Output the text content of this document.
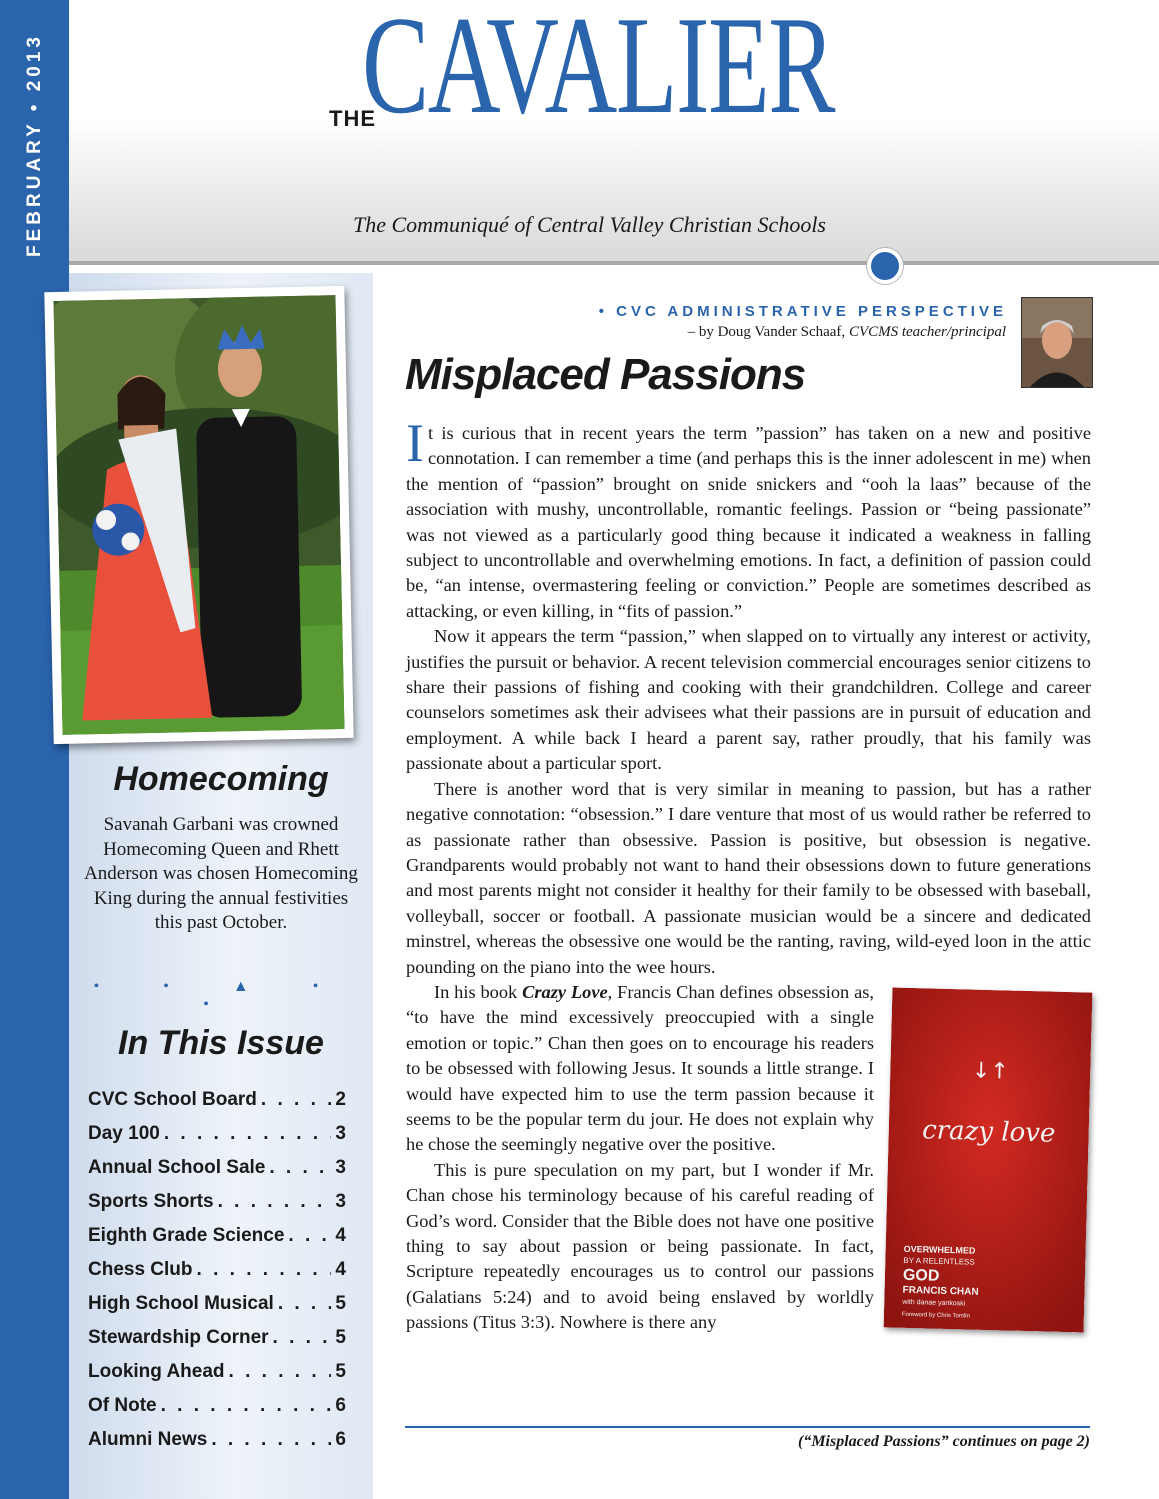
FEBRUARY • 2013	THE
CAVALIER
The Communiqué of Central Valley Christian Schools
Homecoming
Savanah Garbani was crowned Homecoming Queen and Rhett Anderson was chosen Homecoming King during the annual festivities this past October.
• • ▲ • •
In This Issue
CVC School Board . . .	2
Day 100 . . .	3
Annual School Sale . . .	3
Sports Shorts . . .	3
Eighth Grade Science . . .	4
Chess Club . . .	4
High School Musical . . .	5
Stewardship Corner . . .	5
Looking Ahead . . .	5
Of Note . . .	6
Alumni News . . .	6
• CVC ADMINISTRATIVE PERSPECTIVE
– by Doug Vander Schaaf, CVCMS teacher/principal
Misplaced Passions

It is curious that in recent years the term ”passion” has taken on a new and positive connotation. I can remember a time (and perhaps this is the inner adolescent in me) when the mention of “passion” brought on snide snickers and “ooh la laas” because of the association with mushy, uncontrollable, romantic feelings. Passion or “being passionate” was not viewed as a particularly good thing because it indicated a weakness in falling subject to uncontrollable and overwhelming emotions. In fact, a definition of passion could be, “an intense, overmastering feeling or conviction.” People are sometimes described as attacking, or even killing, in “fits of passion.”

Now it appears the term “passion,” when slapped on to virtually any interest or activity, justifies the pursuit or behavior. A recent television commercial encourages senior citizens to share their passions of fishing and cooking with their grandchildren. College and career counselors sometimes ask their advisees what their passions are in pursuit of education and employment. A while back I heard a parent say, rather proudly, that his family was passionate about a particular sport.

There is another word that is very similar in meaning to passion, but has a rather negative connotation: “obsession.” I dare venture that most of us would rather be referred to as passionate rather than obsessive. Passion is positive, but obsession is negative. Grandparents would probably not want to hand their obsessions down to future generations and most parents might not consider it healthy for their family to be obsessed with baseball, volleyball, soccer or football. A passionate musician would be a sincere and dedicated minstrel, whereas the obsessive one would be the ranting, raving, wild-eyed loon in the attic pounding on the piano into the wee hours.

↓↑
crazy love
OVERWHELMED
BY A RELENTLESS
GOD
FRANCIS CHAN
with danae yankoski
Foreword by Chris Tomlin

In his book Crazy Love, Francis Chan defines obsession as, “to have the mind excessively preoccupied with a single emotion or topic.” Chan then goes on to encourage his readers to be obsessed with following Jesus. It sounds a little strange. I would have expected him to use the term passion because it seems to be the popular term du jour. He does not explain why he chose the seemingly negative over the positive.

This is pure speculation on my part, but I wonder if Mr. Chan chose his terminology because of his careful reading of God’s word. Consider that the Bible does not have one positive thing to say about passion or being passionate. In fact, Scripture repeatedly encourages us to control our passions (Galatians 5:24) and to avoid being enslaved by worldly passions (Titus 3:3). Nowhere is there any

(“Misplaced Passions” continues on page 2)
